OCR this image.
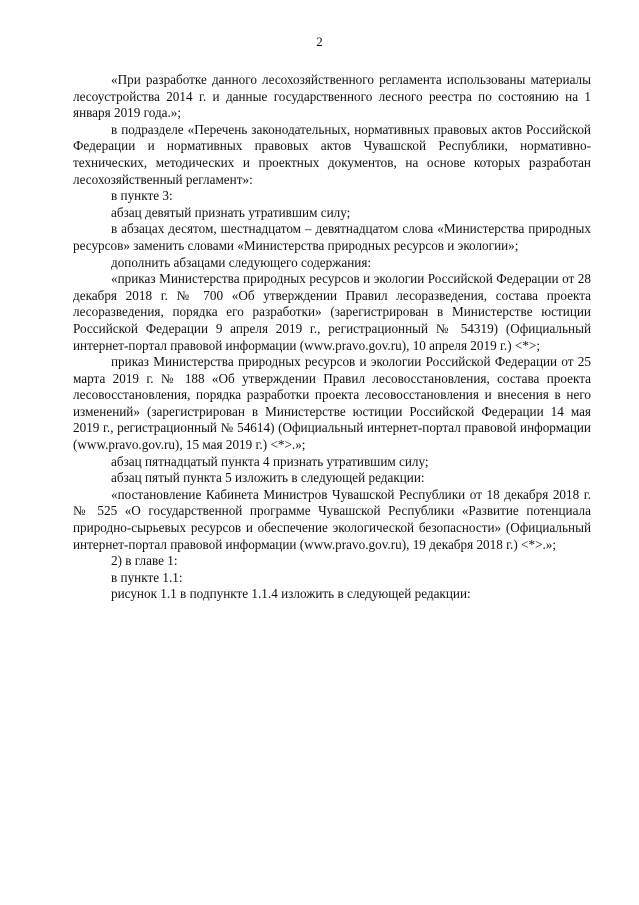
2

«При разработке данного лесохозяйственного регламента использованы материалы лесоустройства 2014 г. и данные государственного лесного реестра по состоянию на 1 января 2019 года.»;

в подразделе «Перечень законодательных, нормативных правовых актов Российской Федерации и нормативных правовых актов Чувашской Республики, нормативно-технических, методических и проектных документов, на основе которых разработан лесохозяйственный регламент»:

в пункте 3:

абзац девятый признать утратившим силу;

в абзацах десятом, шестнадцатом – девятнадцатом слова «Министерства природных ресурсов» заменить словами «Министерства природных ресурсов и экологии»;

дополнить абзацами следующего содержания:

«приказ Министерства природных ресурсов и экологии Российской Федерации от 28 декабря 2018 г. № 700 «Об утверждении Правил лесоразведения, состава проекта лесоразведения, порядка его разработки» (зарегистрирован в Министерстве юстиции Российской Федерации 9 апреля 2019 г., регистрационный № 54319) (Официальный интернет-портал правовой информации (www.pravo.gov.ru), 10 апреля 2019 г.) <*>;

приказ Министерства природных ресурсов и экологии Российской Федерации от 25 марта 2019 г. № 188 «Об утверждении Правил лесовосстановления, состава проекта лесовосстановления, порядка разработки проекта лесовосстановления и внесения в него изменений» (зарегистрирован в Министерстве юстиции Российской Федерации 14 мая 2019 г., регистрационный № 54614) (Официальный интернет-портал правовой информации (www.pravo.gov.ru), 15 мая 2019 г.) <*>.»;

абзац пятнадцатый пункта 4 признать утратившим силу;

абзац пятый пункта 5 изложить в следующей редакции:

«постановление Кабинета Министров Чувашской Республики от 18 декабря 2018 г. № 525 «О государственной программе Чувашской Республики «Развитие потенциала природно-сырьевых ресурсов и обеспечение экологической безопасности» (Официальный интернет-портал правовой информации (www.pravo.gov.ru), 19 декабря 2018 г.) <*>.»;

2) в главе 1:

в пункте 1.1:

рисунок 1.1 в подпункте 1.1.4 изложить в следующей редакции:
